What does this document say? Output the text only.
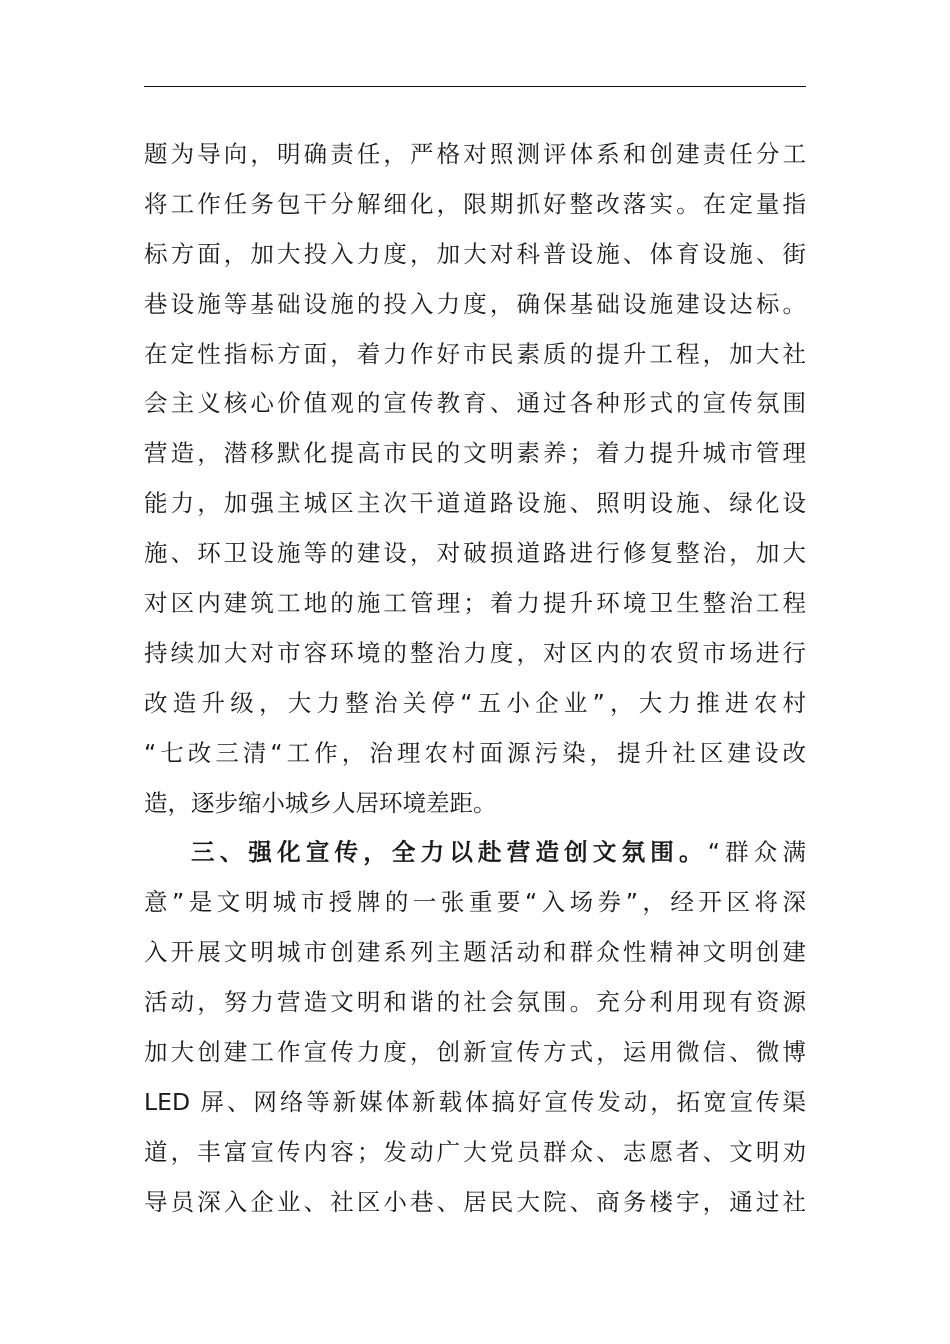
题为导向，明确责任，严格对照测评体系和创建责任分工
将工作任务包干分解细化，限期抓好整改落实。在定量指
标方面，加大投入力度，加大对科普设施、体育设施、街
巷设施等基础设施的投入力度，确保基础设施建设达标。
在定性指标方面，着力作好市民素质的提升工程，加大社
会主义核心价值观的宣传教育、通过各种形式的宣传氛围
营造，潜移默化提高市民的文明素养；着力提升城市管理
能力，加强主城区主次干道道路设施、照明设施、绿化设
施、环卫设施等的建设，对破损道路进行修复整治，加大
对区内建筑工地的施工管理；着力提升环境卫生整治工程
持续加大对市容环境的整治力度，对区内的农贸市场进行
改造升级，大力整治关停“五小企业”，大力推进农村
“七改三清“工作，治理农村面源污染，提升社区建设改
造，逐步缩小城乡人居环境差距。
三、强化宣传，全力以赴营造创文氛围。“群众满
意”是文明城市授牌的一张重要“入场券”，经开区将深
入开展文明城市创建系列主题活动和群众性精神文明创建
活动，努力营造文明和谐的社会氛围。充分利用现有资源
加大创建工作宣传力度，创新宣传方式，运用微信、微博
LED 屏、网络等新媒体新载体搞好宣传发动，拓宽宣传渠
道，丰富宣传内容；发动广大党员群众、志愿者、文明劝
导员深入企业、社区小巷、居民大院、商务楼宇，通过社
